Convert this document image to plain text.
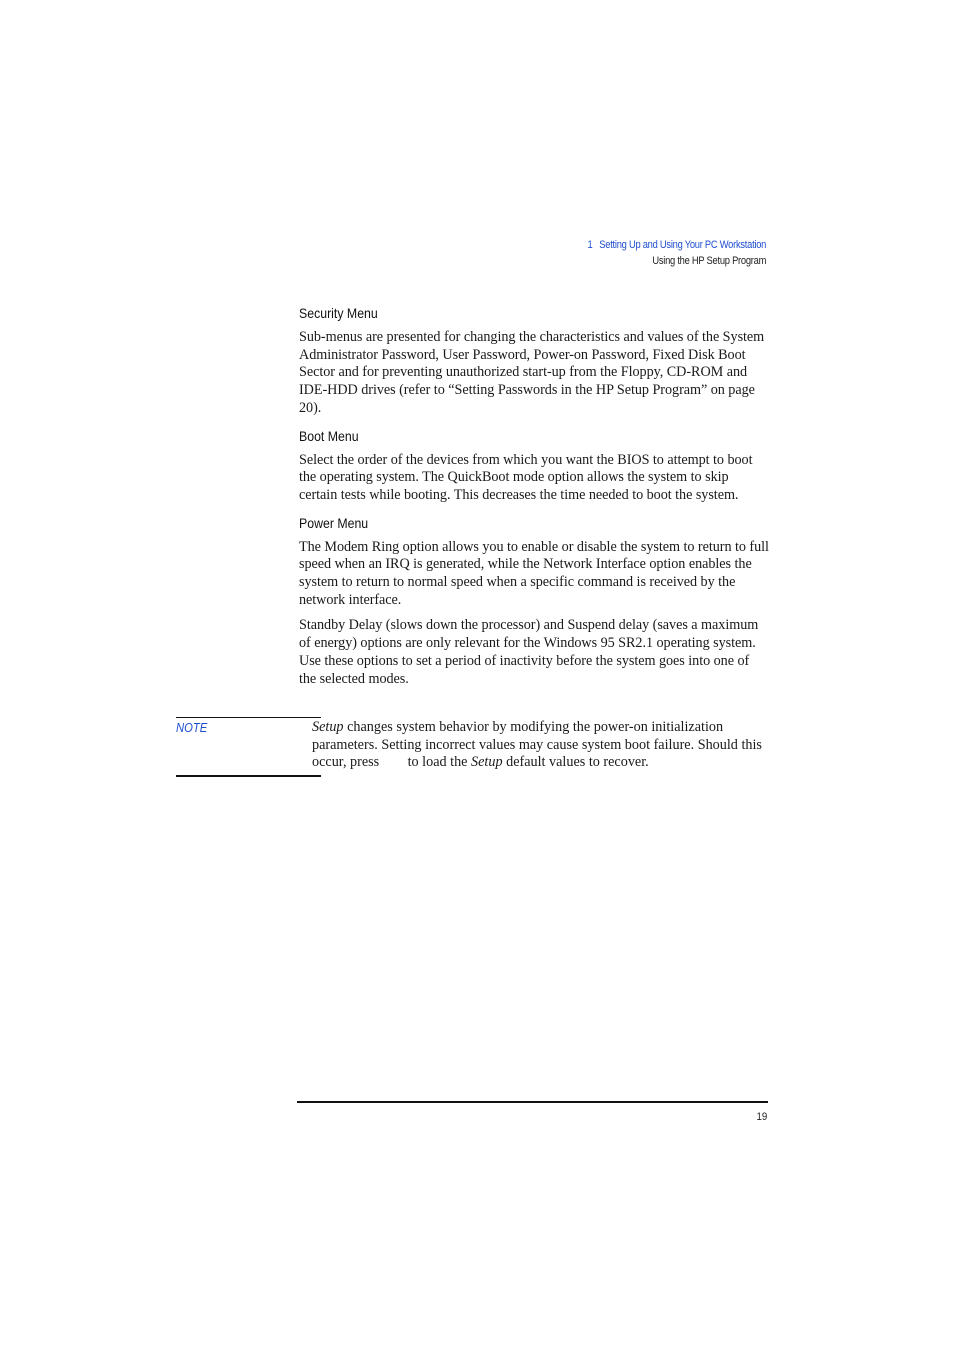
1 Setting Up and Using Your PC Workstation
Using the HP Setup Program
Security Menu

Sub-menus are presented for changing the characteristics and values of the System Administrator Password, User Password, Power-on Password, Fixed Disk Boot Sector and for preventing unauthorized start-up from the Floppy, CD-ROM and IDE-HDD drives (refer to “Setting Passwords in the HP Setup Program” on page 20).

Boot Menu

Select the order of the devices from which you want the BIOS to attempt to boot the operating system. The QuickBoot mode option allows the system to skip certain tests while booting. This decreases the time needed to boot the system.

Power Menu

The Modem Ring option allows you to enable or disable the system to return to full speed when an IRQ is generated, while the Network Interface option enables the system to return to normal speed when a specific command is received by the network interface.

Standby Delay (slows down the processor) and Suspend delay (saves a maximum of energy) options are only relevant for the Windows 95 SR2.1 operating system. Use these options to set a period of inactivity before the system goes into one of the selected modes.

NOTE	Setup changes system behavior by modifying the power-on initialization parameters. Setting incorrect values may cause system boot failure. Should this occur, press        to load the Setup default values to recover.
19
